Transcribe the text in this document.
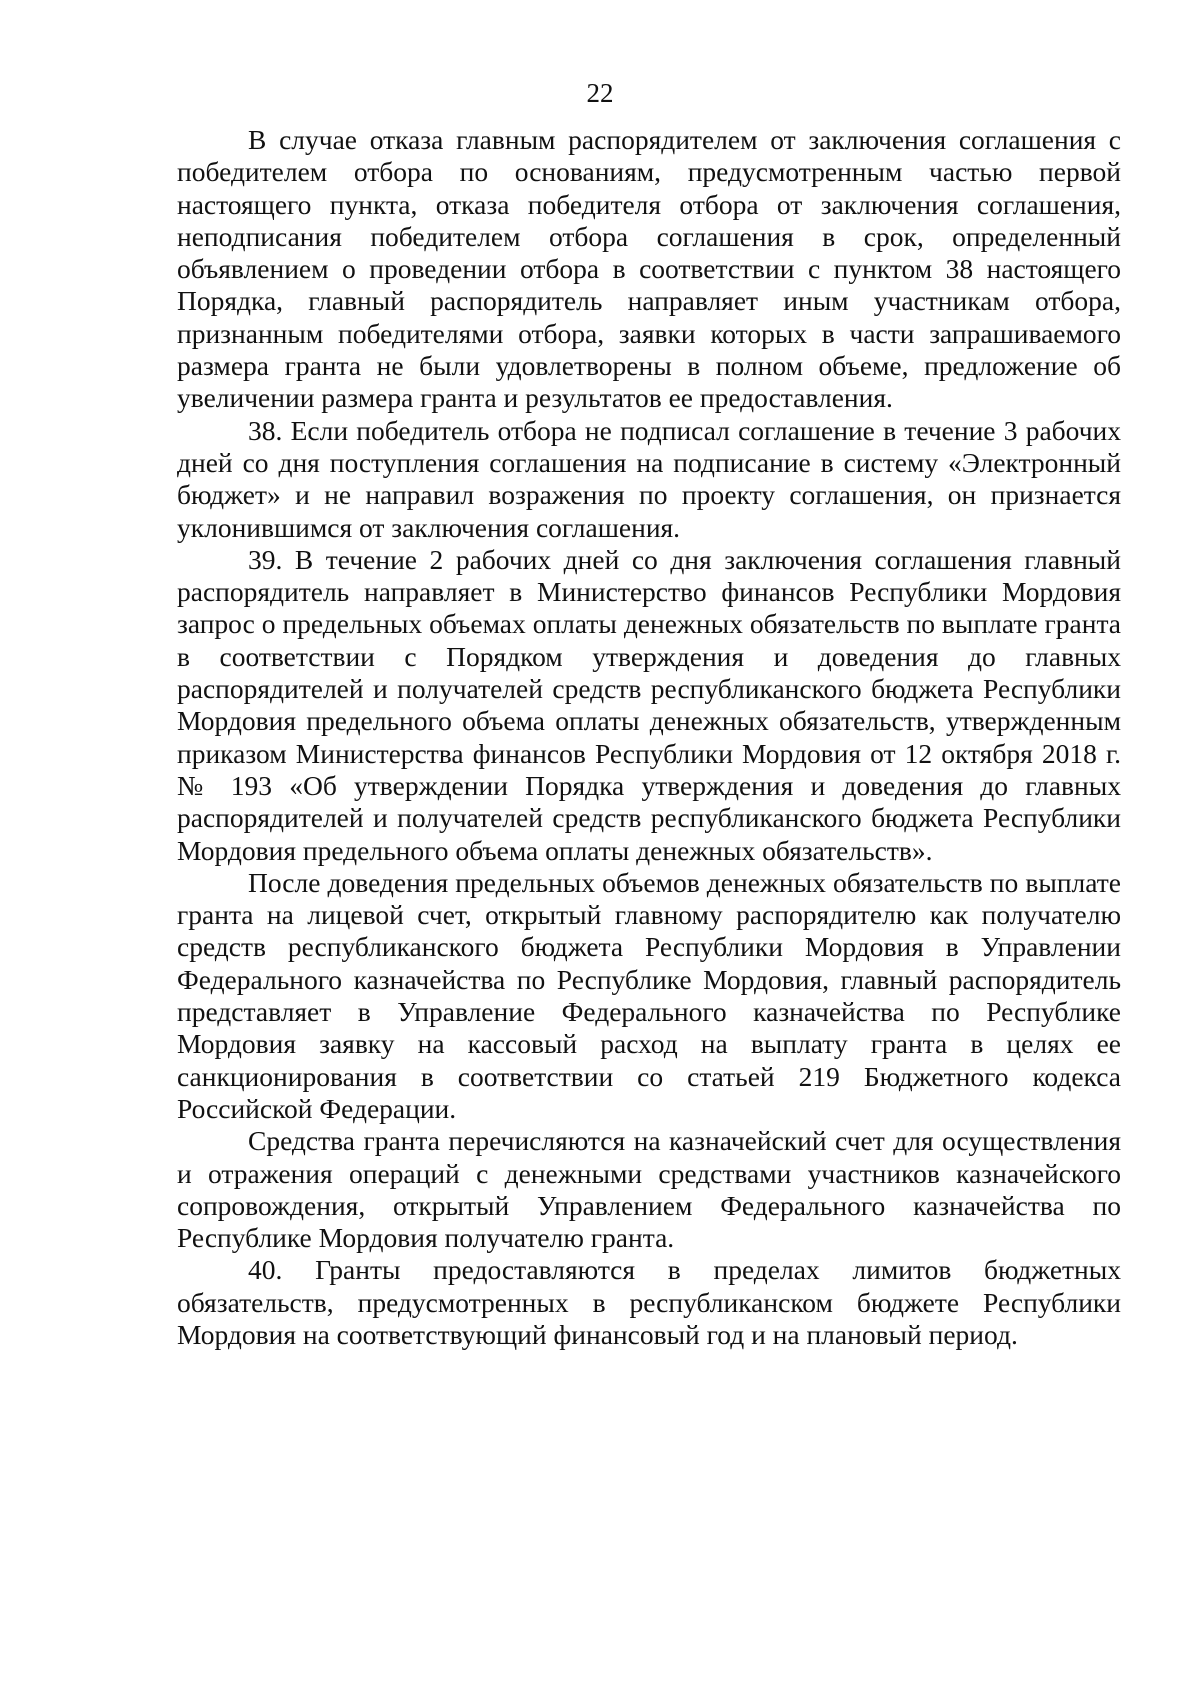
22

В случае отказа главным распорядителем от заключения соглашения с победителем отбора по основаниям, предусмотренным частью первой настоящего пункта, отказа победителя отбора от заключения соглашения, неподписания победителем отбора соглашения в срок, определенный объявлением о проведении отбора в соответствии с пунктом 38 настоящего Порядка, главный распорядитель направляет иным участникам отбора, признанным победителями отбора, заявки которых в части запрашиваемого размера гранта не были удовлетворены в полном объеме, предложение об увеличении размера гранта и результатов ее предоставления.

38. Если победитель отбора не подписал соглашение в течение 3 рабочих дней со дня поступления соглашения на подписание в систему «Электронный бюджет» и не направил возражения по проекту соглашения, он признается уклонившимся от заключения соглашения.

39. В течение 2 рабочих дней со дня заключения соглашения главный распорядитель направляет в Министерство финансов Республики Мордовия запрос о предельных объемах оплаты денежных обязательств по выплате гранта в соответствии с Порядком утверждения и доведения до главных распорядителей и получателей средств республиканского бюджета Республики Мордовия предельного объема оплаты денежных обязательств, утвержденным приказом Министерства финансов Республики Мордовия от 12 октября 2018 г. № 193 «Об утверждении Порядка утверждения и доведения до главных распорядителей и получателей средств республиканского бюджета Республики Мордовия предельного объема оплаты денежных обязательств».

После доведения предельных объемов денежных обязательств по выплате гранта на лицевой счет, открытый главному распорядителю как получателю средств республиканского бюджета Республики Мордовия в Управлении Федерального казначейства по Республике Мордовия, главный распорядитель представляет в Управление Федерального казначейства по Республике Мордовия заявку на кассовый расход на выплату гранта в целях ее санкционирования в соответствии со статьей 219 Бюджетного кодекса Российской Федерации.

Средства гранта перечисляются на казначейский счет для осуществления и отражения операций с денежными средствами участников казначейского сопровождения, открытый Управлением Федерального казначейства по Республике Мордовия получателю гранта.

40. Гранты предоставляются в пределах лимитов бюджетных обязательств, предусмотренных в республиканском бюджете Республики Мордовия на соответствующий финансовый год и на плановый период.
